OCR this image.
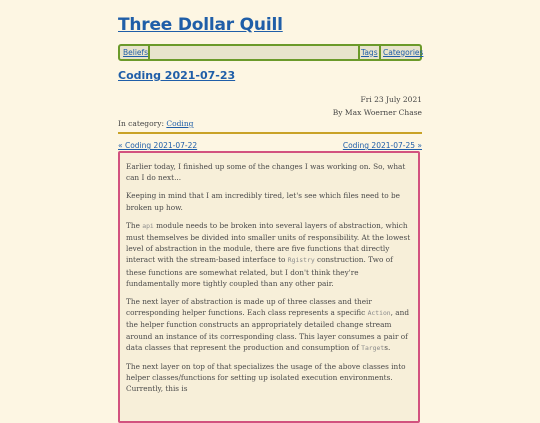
Three Dollar Quill
Beliefs	Tags Categories
Coding 2021-07-23
Fri 23 July 2021
By Max Woerner Chase
In category: Coding
« Coding 2021-07-22	Coding 2021-07-25 »

Earlier today, I finished up some of the changes I was working on. So, what can I do next...

Keeping in mind that I am incredibly tired, let's see which files need to be broken up how.

The api module needs to be broken into several layers of abstraction, which must themselves be divided into smaller units of responsibility. At the lowest level of abstraction in the module, there are five functions that directly interact with the stream-based interface to Rgistry construction. Two of these functions are somewhat related, but I don't think they're fundamentally more tightly coupled than any other pair.

The next layer of abstraction is made up of three classes and their corresponding helper functions. Each class represents a specific Action, and the helper function constructs an appropriately detailed change stream around an instance of its corresponding class. This layer consumes a pair of data classes that represent the production and consumption of Targets.

The next layer on top of that specializes the usage of the above classes into helper classes/functions for setting up isolated execution environments. Currently, this is
